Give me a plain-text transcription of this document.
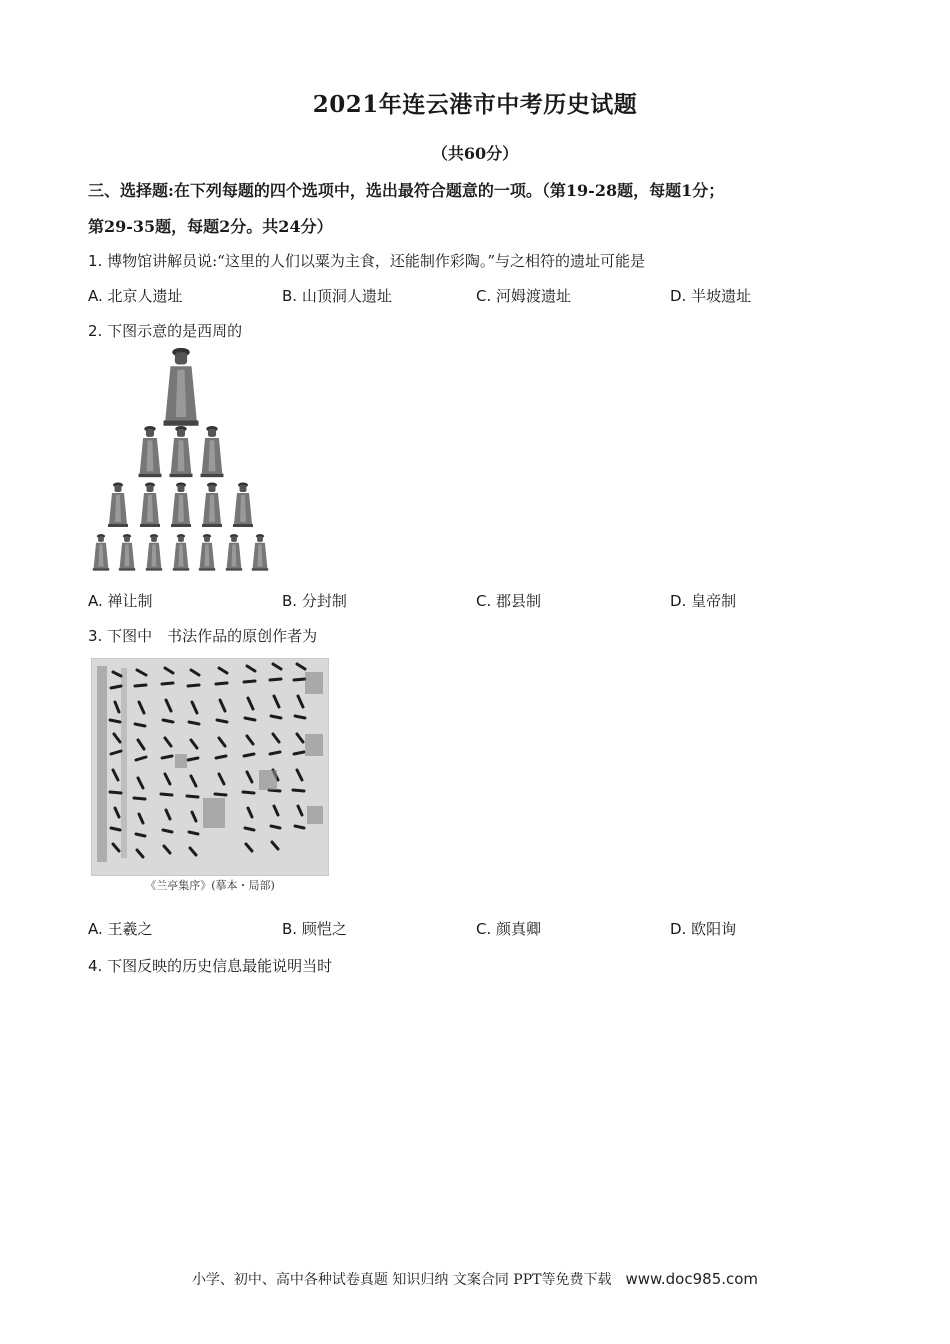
2021年连云港市中考历史试题
（共60分）
三、选择题:在下列每题的四个选项中，选出最符合题意的一项。（第19-28题，每题1分；
第29-35题，每题2分。共24分）
1. 博物馆讲解员说:“这里的人们以粟为主食，还能制作彩陶。”与之相符的遗址可能是
A. 北京人遗址	B. 山顶洞人遗址	C. 河姆渡遗址	D. 半坡遗址
2. 下图示意的是西周的
A. 禅让制	B. 分封制	C. 郡县制	D. 皇帝制
3. 下图中　书法作品的原创作者为
《兰亭集序》(摹本・局部)
A. 王羲之	B. 顾恺之	C. 颜真卿	D. 欧阳询
4. 下图反映的历史信息最能说明当时
小学、初中、高中各种试卷真题 知识归纳 文案合同 PPT等免费下载 www.doc985.com
